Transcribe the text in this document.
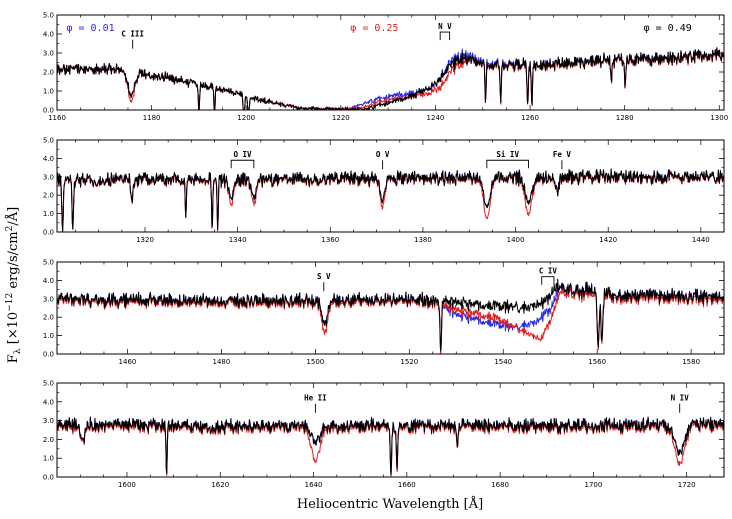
0.0
1.0
2.0
3.0
4.0
5.0
1160	1180	1200	1220	1240	1260	1280	1300
C III
N V
φ = 0.01	φ = 0.25	φ = 0.49
0.0
1.0
2.0
3.0
4.0
5.0
1320	1340	1360	1380	1400	1420	1440
O IV	O V	Si IV	Fe V
0.0
1.0
2.0
3.0
4.0
5.0
1460	1480	1500	1520	1540	1560	1580
S V
C IV
0.0
1.0
2.0
3.0
4.0
5.0
1600	1620	1640	1660	1680	1700	1720
He II	N IV
Heliocentric Wavelength [Å]
$F_\lambda$ [$\times 10^{-12}$ erg/$s/cm^2/Å$]
